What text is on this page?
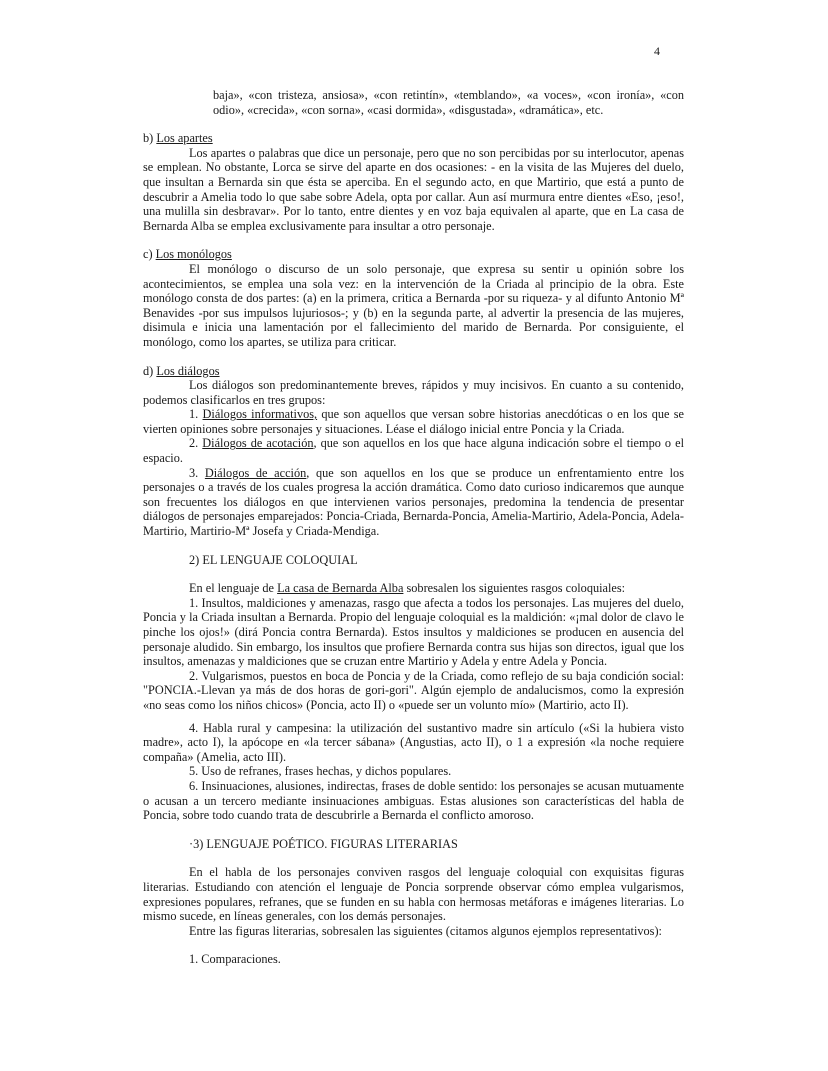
4

baja», «con tristeza, ansiosa», «con retintín», «temblando», «a voces», «con ironía», «con odio», «crecida», «con sorna», «casi dormida», «disgustada», «dramática», etc.

b) Los apartes

Los apartes o palabras que dice un personaje, pero que no son percibidas por su interlocutor, apenas se emplean. No obstante, Lorca se sirve del aparte en dos ocasiones: - en la visita de las Mujeres del duelo, que insultan a Bernarda sin que ésta se aperciba. En el segundo acto, en que Martirio, que está a punto de descubrir a Amelia todo lo que sabe sobre Adela, opta por callar. Aun así murmura entre dientes «Eso, ¡eso!, una mulilla sin desbravar». Por lo tanto, entre dientes y en voz baja equivalen al aparte, que en La casa de Bernarda Alba se emplea exclusivamente para insultar a otro personaje.

c) Los monólogos

El monólogo o discurso de un solo personaje, que expresa su sentir u opinión sobre los acontecimientos, se emplea una sola vez: en la intervención de la Criada al principio de la obra. Este monólogo consta de dos partes: (a) en la primera, critica a Bernarda -por su riqueza- y al difunto Antonio Mª Benavides -por sus impulsos lujuriosos-; y (b) en la segunda parte, al advertir la presencia de las mujeres, disimula e inicia una lamentación por el fallecimiento del marido de Bernarda. Por consiguiente, el monólogo, como los apartes, se utiliza para criticar.

d) Los diálogos

Los diálogos son predominantemente breves, rápidos y muy incisivos. En cuanto a su contenido, podemos clasificarlos en tres grupos:

1. Diálogos informativos, que son aquellos que versan sobre historias anecdóticas o en los que se vierten opiniones sobre personajes y situaciones. Léase el diálogo inicial entre Poncia y la Criada.

2. Diálogos de acotación, que son aquellos en los que hace alguna indicación sobre el tiempo o el espacio.

3. Diálogos de acción, que son aquellos en los que se produce un enfrentamiento entre los personajes o a través de los cuales progresa la acción dramática. Como dato curioso indicaremos que aunque son frecuentes los diálogos en que intervienen varios personajes, predomina la tendencia de presentar diálogos de personajes emparejados: Poncia-Criada, Bernarda-Poncia, Amelia-Martirio, Adela-Poncia, Adela-Martirio, Martirio-Mª Josefa y Criada-Mendiga.

2) EL LENGUAJE COLOQUIAL

En el lenguaje de La casa de Bernarda Alba sobresalen los siguientes rasgos coloquiales:

1. Insultos, maldiciones y amenazas, rasgo que afecta a todos los personajes. Las mujeres del duelo, Poncia y la Criada insultan a Bernarda. Propio del lenguaje coloquial es la maldición: «¡mal dolor de clavo le pinche los ojos!» (dirá Poncia contra Bernarda). Estos insultos y maldiciones se producen en ausencia del personaje aludido. Sin embargo, los insultos que profiere Bernarda contra sus hijas son directos, igual que los insultos, amenazas y maldiciones que se cruzan entre Martirio y Adela y entre Adela y Poncia.

2. Vulgarismos, puestos en boca de Poncia y de la Criada, como reflejo de su baja condición social: "PONCIA.-Llevan ya más de dos horas de gori-gori". Algún ejemplo de andalucismos, como la expresión «no seas como los niños chicos» (Poncia, acto II) o «puede ser un volunto mío» (Martirio, acto II).

4. Habla rural y campesina: la utilización del sustantivo madre sin artículo («Si la hubiera visto madre», acto I), la apócope en «la tercer sábana» (Angustias, acto II), o 1 a expresión «la noche requiere compaña» (Amelia, acto III).

5. Uso de refranes, frases hechas, y dichos populares.

6. Insinuaciones, alusiones, indirectas, frases de doble sentido: los personajes se acusan mutuamente o acusan a un tercero mediante insinuaciones ambiguas. Estas alusiones son características del habla de Poncia, sobre todo cuando trata de descubrirle a Bernarda el conflicto amoroso.

·3) LENGUAJE POÉTICO. FIGURAS LITERARIAS

En el habla de los personajes conviven rasgos del lenguaje coloquial con exquisitas figuras literarias. Estudiando con atención el lenguaje de Poncia sorprende observar cómo emplea vulgarismos, expresiones populares, refranes, que se funden en su habla con hermosas metáforas e imágenes literarias. Lo mismo sucede, en líneas generales, con los demás personajes.

Entre las figuras literarias, sobresalen las siguientes (citamos algunos ejemplos representativos):

1. Comparaciones.
